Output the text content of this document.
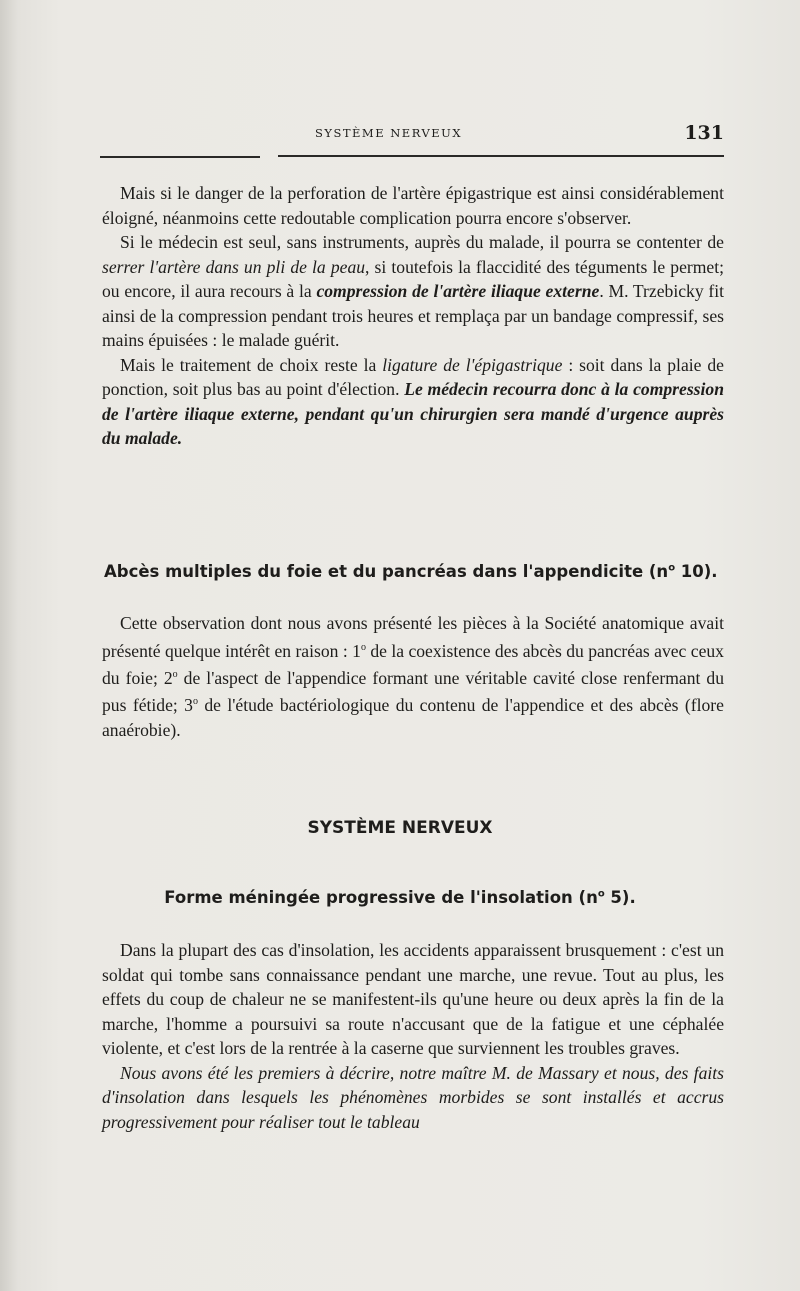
SYSTÈME NERVEUX	131

Mais si le danger de la perforation de l'artère épigastrique est ainsi considérablement éloigné, néanmoins cette redoutable complication pourra encore s'observer.

Si le médecin est seul, sans instruments, auprès du malade, il pourra se contenter de serrer l'artère dans un pli de la peau, si toutefois la flaccidité des téguments le permet; ou encore, il aura recours à la compression de l'artère iliaque externe. M. Trzebicky fit ainsi de la compression pendant trois heures et remplaça par un bandage compressif, ses mains épuisées : le malade guérit.

Mais le traitement de choix reste la ligature de l'épigastrique : soit dans la plaie de ponction, soit plus bas au point d'élection. Le médecin recourra donc à la compression de l'artère iliaque externe, pendant qu'un chirurgien sera mandé d'urgence auprès du malade.

Abcès multiples du foie et du pancréas dans l'appendicite ($n^o$ 10).

Cette observation dont nous avons présenté les pièces à la Société anatomique avait présenté quelque intérêt en raison : 1$^o$ de la coexistence des abcès du pancréas avec ceux du foie; 2$^o$ de l'aspect de l'appendice formant une véritable cavité close renfermant du pus fétide; 3$^o$ de l'étude bactériologique du contenu de l'appendice et des abcès (flore anaérobie).

SYSTÈME NERVEUX
Forme méningée progressive de l'insolation ($n^o$ 5).

Dans la plupart des cas d'insolation, les accidents apparaissent brusquement : c'est un soldat qui tombe sans connaissance pendant une marche, une revue. Tout au plus, les effets du coup de chaleur ne se manifestent-ils qu'une heure ou deux après la fin de la marche, l'homme a poursuivi sa route n'accusant que de la fatigue et une céphalée violente, et c'est lors de la rentrée à la caserne que surviennent les troubles graves.

Nous avons été les premiers à décrire, notre maître M. de Massary et nous, des faits d'insolation dans lesquels les phénomènes morbides se sont installés et accrus progressivement pour réaliser tout le tableau
